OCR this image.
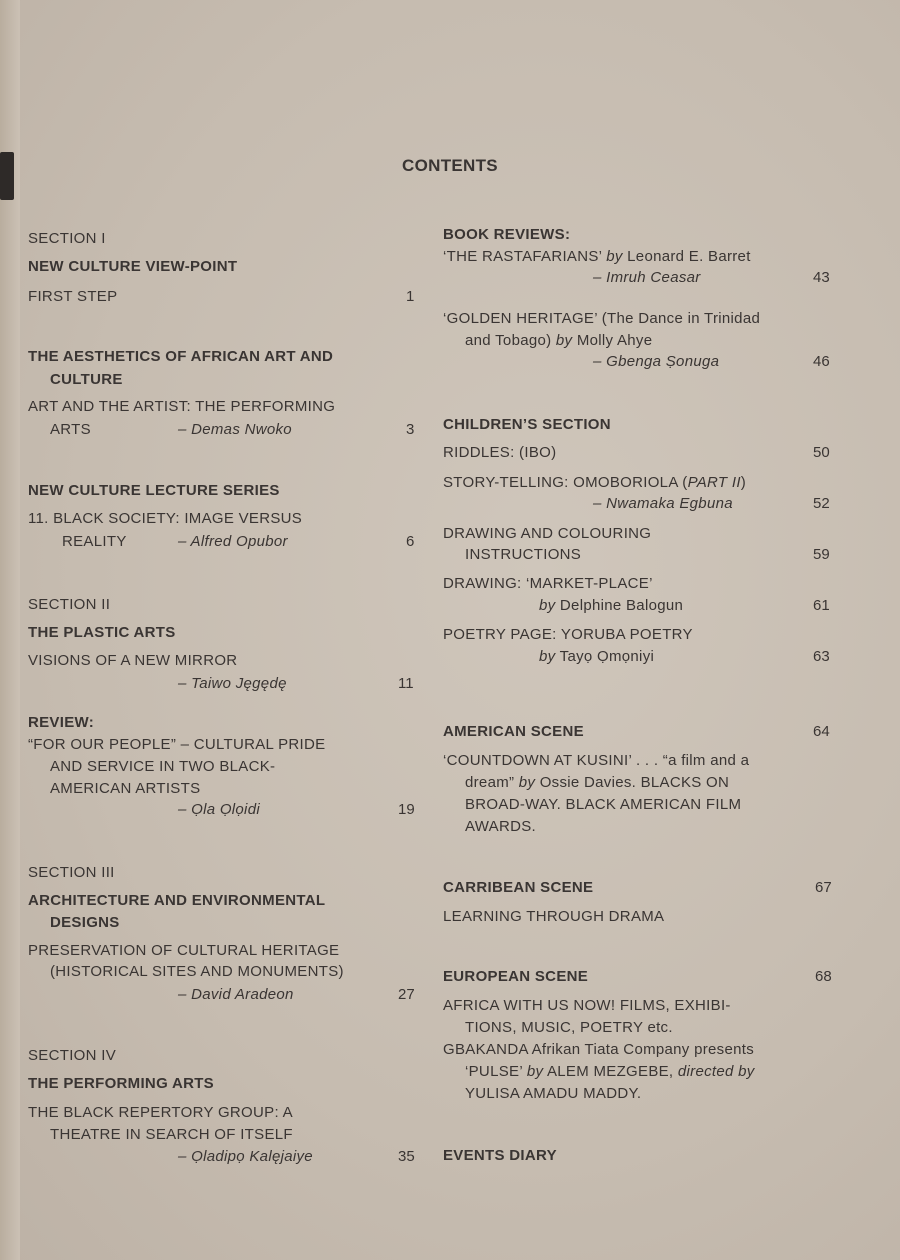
CONTENTS
SECTION I
NEW CULTURE VIEW-POINT
FIRST STEP	1
THE AESTHETICS OF AFRICAN ART AND
CULTURE
ART AND THE ARTIST: THE PERFORMING
ARTS	– Demas Nwoko	3
NEW CULTURE LECTURE SERIES
11. BLACK SOCIETY: IMAGE VERSUS
REALITY	– Alfred Opubor	6
SECTION II
THE PLASTIC ARTS
VISIONS OF A NEW MIRROR
– Taiwo Jęgędę	11
REVIEW:
“FOR OUR PEOPLE” – CULTURAL PRIDE
AND SERVICE IN TWO BLACK-
AMERICAN ARTISTS
– Ọla Ọlọidi	19
SECTION III
ARCHITECTURE AND ENVIRONMENTAL
DESIGNS
PRESERVATION OF CULTURAL HERITAGE
(HISTORICAL SITES AND MONUMENTS)
– David Aradeon	27
SECTION IV
THE PERFORMING ARTS
THE BLACK REPERTORY GROUP: A
THEATRE IN SEARCH OF ITSELF
– Ọladipọ Kalęjaiye	35
BOOK REVIEWS:
‘THE RASTAFARIANS’ by Leonard E. Barret
– Imruh Ceasar	43
‘GOLDEN HERITAGE’ (The Dance in Trinidad
and Tobago) by Molly Ahye
– Gbenga Ṣonuga	46
CHILDREN’S SECTION
RIDDLES: (IBO)	50
STORY-TELLING: OMOBORIOLA (PART II)
– Nwamaka Egbuna	52
DRAWING AND COLOURING
INSTRUCTIONS	59
DRAWING: ‘MARKET-PLACE’
by Delphine Balogun	61
POETRY PAGE: YORUBA POETRY
by Tayọ Ọmọniyi	63
AMERICAN SCENE	64
‘COUNTDOWN AT KUSINI’ . . . “a film and a
dream” by Ossie Davies. BLACKS ON
BROAD-WAY. BLACK AMERICAN FILM
AWARDS.
CARRIBEAN SCENE	67
LEARNING THROUGH DRAMA
EUROPEAN SCENE	68
AFRICA WITH US NOW! FILMS, EXHIBI-
TIONS, MUSIC, POETRY etc.
GBAKANDA Afrikan Tiata Company presents
‘PULSE’ by ALEM MEZGEBE, directed by
YULISA AMADU MADDY.
EVENTS DIARY
